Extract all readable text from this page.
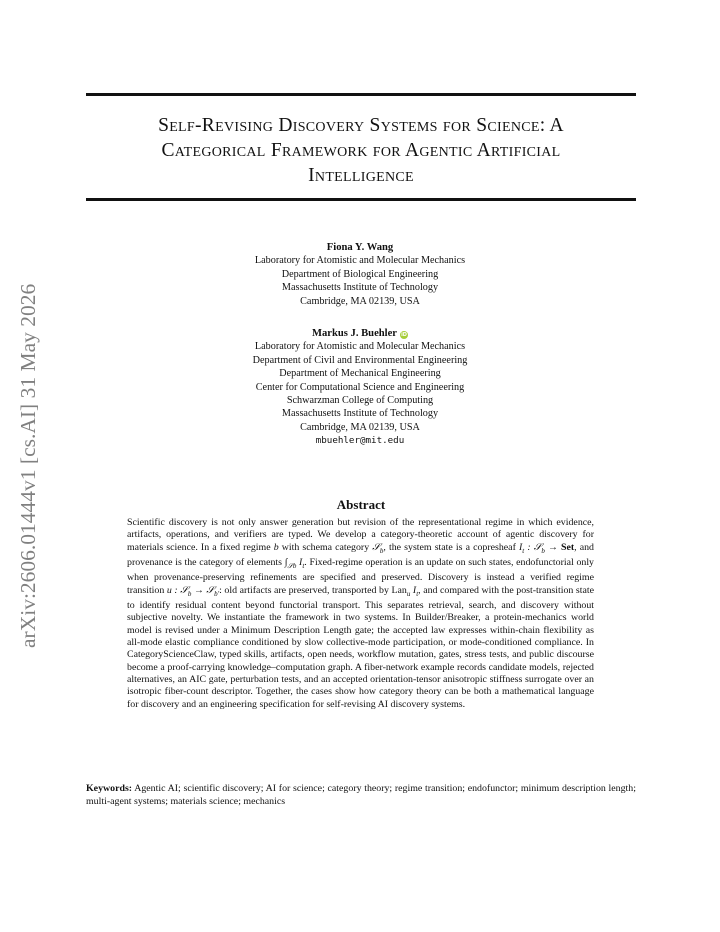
Self-Revising Discovery Systems for Science: A
Categorical Framework for Agentic Artificial
Intelligence
arXiv:2606.01444v1 [cs.AI] 31 May 2026
Fiona Y. Wang
Laboratory for Atomistic and Molecular Mechanics
Department of Biological Engineering
Massachusetts Institute of Technology
Cambridge, MA 02139, USA
Markus J. Buehler iD
Laboratory for Atomistic and Molecular Mechanics
Department of Civil and Environmental Engineering
Department of Mechanical Engineering
Center for Computational Science and Engineering
Schwarzman College of Computing
Massachusetts Institute of Technology
Cambridge, MA 02139, USA
mbuehler@mit.edu
Abstract
Scientific discovery is not only answer generation but revision of the representational regime in which evidence, artifacts, operations, and verifiers are typed. We develop a category-theoretic account of agentic discovery for materials science. In a fixed regime b with schema category 𝒮$_b$, the system state is a copresheaf $I_t$ : 𝒮$_b$ → Set, and provenance is the category of elements $\int_{𝒮b}$ $I_t$. Fixed-regime operation is an update on such states, endofunctorial only when provenance-preserving refinements are specified and preserved. Discovery is instead a verified regime transition u : 𝒮$_b$ → 𝒮$_{b'}$: old artifacts are preserved, transported by Lan$_u$ $I_t$, and compared with the post-transition state to identify residual content beyond functorial transport. This separates retrieval, search, and discovery without subjective novelty. We instantiate the framework in two systems. In Builder/Breaker, a protein-mechanics world model is revised under a Minimum Description Length gate; the accepted law expresses within-chain flexibility as all-mode elastic compliance conditioned by slow collective-mode participation, or mode-conditioned compliance. In CategoryScienceClaw, typed skills, artifacts, open needs, workflow mutation, gates, stress tests, and public discourse become a proof-carrying knowledge–computation graph. A fiber-network example records candidate models, rejected alternatives, an AIC gate, perturbation tests, and an accepted orientation-tensor anisotropic stiffness surrogate over an isotropic fiber-count descriptor. Together, the cases show how category theory can be both a mathematical language for discovery and an engineering specification for self-revising AI discovery systems.
Keywords: Agentic AI; scientific discovery; AI for science; category theory; regime transition; endofunctor; minimum description length; multi-agent systems; materials science; mechanics
